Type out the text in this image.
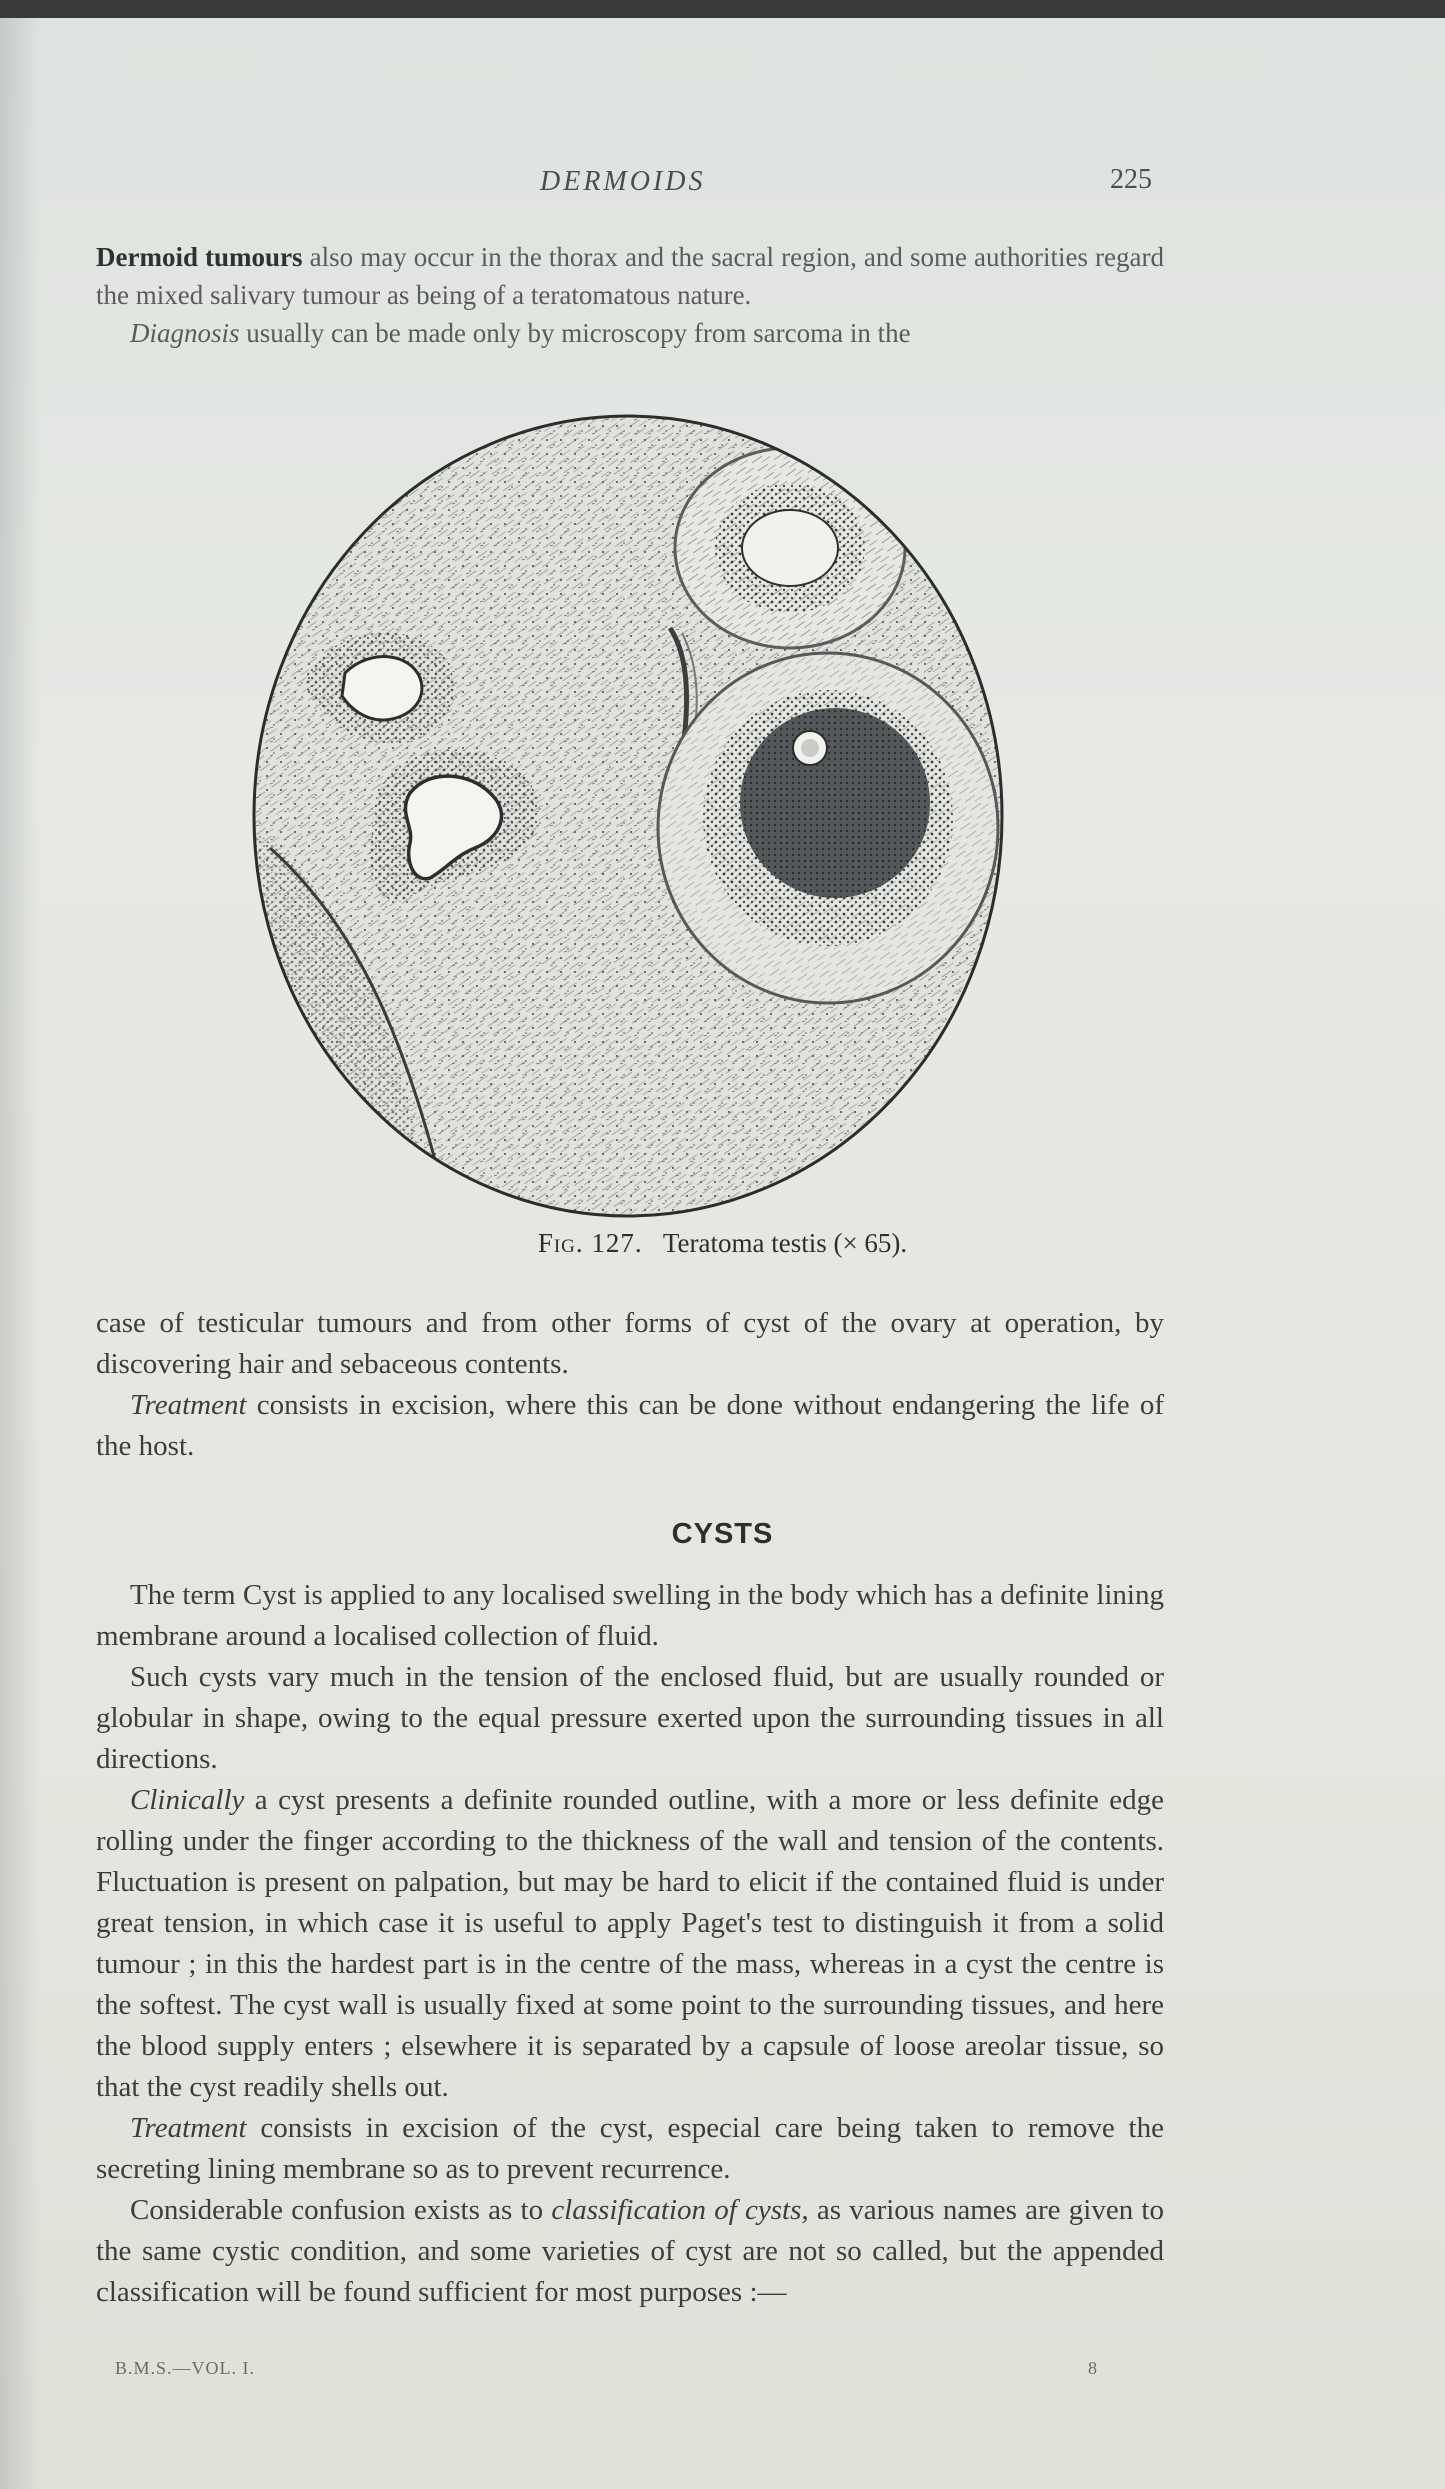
DERMOIDS	225

Dermoid tumours also may occur in the thorax and the sacral region, and some authorities regard the mixed salivary tumour as being of a teratomatous nature.

Diagnosis usually can be made only by microscopy from sarcoma in the

Fig. 127. Teratoma testis (× 65).

case of testicular tumours and from other forms of cyst of the ovary at operation, by discovering hair and sebaceous contents.

Treatment consists in excision, where this can be done without endangering the life of the host.

CYSTS

The term Cyst is applied to any localised swelling in the body which has a definite lining membrane around a localised collection of fluid.

Such cysts vary much in the tension of the enclosed fluid, but are usually rounded or globular in shape, owing to the equal pressure exerted upon the surrounding tissues in all directions.

Clinically a cyst presents a definite rounded outline, with a more or less definite edge rolling under the finger according to the thickness of the wall and tension of the contents. Fluctuation is present on palpation, but may be hard to elicit if the contained fluid is under great tension, in which case it is useful to apply Paget's test to distinguish it from a solid tumour ; in this the hardest part is in the centre of the mass, whereas in a cyst the centre is the softest. The cyst wall is usually fixed at some point to the surrounding tissues, and here the blood supply enters ; elsewhere it is separated by a capsule of loose areolar tissue, so that the cyst readily shells out.

Treatment consists in excision of the cyst, especial care being taken to remove the secreting lining membrane so as to prevent recurrence.

Considerable confusion exists as to classification of cysts, as various names are given to the same cystic condition, and some varieties of cyst are not so called, but the appended classification will be found sufficient for most purposes :—

B.M.S.—VOL. I.	8
